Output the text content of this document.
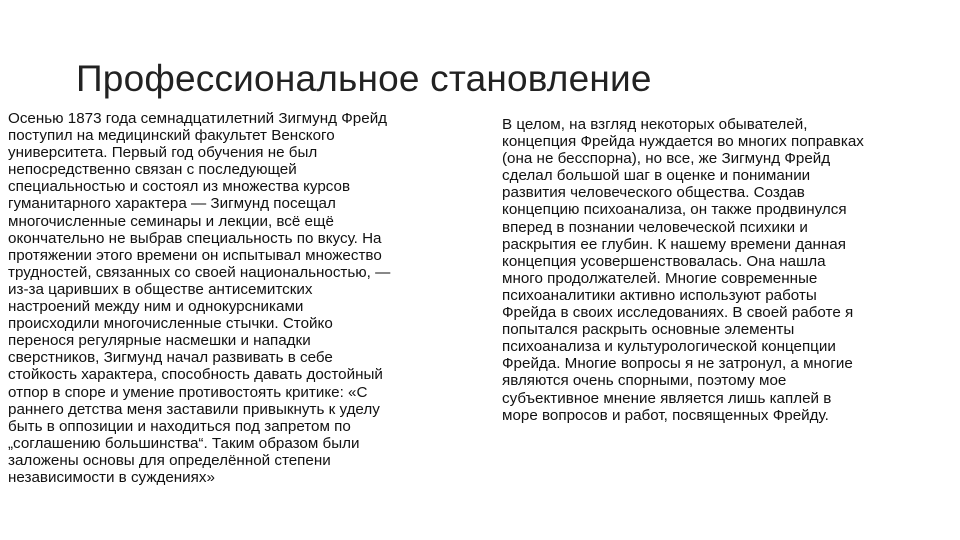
Профессиональное становление
Осенью 1873 года семнадцатилетний Зигмунд Фрейд
поступил на медицинский факультет Венского
университета. Первый год обучения не был
непосредственно связан с последующей
специальностью и состоял из множества курсов
гуманитарного характера — Зигмунд посещал
многочисленные семинары и лекции, всё ещё
окончательно не выбрав специальность по вкусу. На
протяжении этого времени он испытывал множество
трудностей, связанных со своей национальностью, —
из-за царивших в обществе антисемитских
настроений между ним и однокурсниками
происходили многочисленные стычки. Стойко
перенося регулярные насмешки и нападки
сверстников, Зигмунд начал развивать в себе
стойкость характера, способность давать достойный
отпор в споре и умение противостоять критике: «С
раннего детства меня заставили привыкнуть к уделу
быть в оппозиции и находиться под запретом по
„соглашению большинства“. Таким образом были
заложены основы для определённой степени
независимости в суждениях»
В целом, на взгляд некоторых обывателей,
концепция Фрейда нуждается во многих поправках
(она не бесспорна), но все, же Зигмунд Фрейд
сделал большой шаг в оценке и понимании
развития человеческого общества. Создав
концепцию психоанализа, он также продвинулся
вперед в познании человеческой психики и
раскрытия ее глубин. К нашему времени данная
концепция усовершенствовалась. Она нашла
много продолжателей. Многие современные
психоаналитики активно используют работы
Фрейда в своих исследованиях. В своей работе я
попытался раскрыть основные элементы
психоанализа и культурологической концепции
Фрейда. Многие вопросы я не затронул, а многие
являются очень спорными, поэтому мое
субъективное мнение является лишь каплей в
море вопросов и работ, посвященных Фрейду.
